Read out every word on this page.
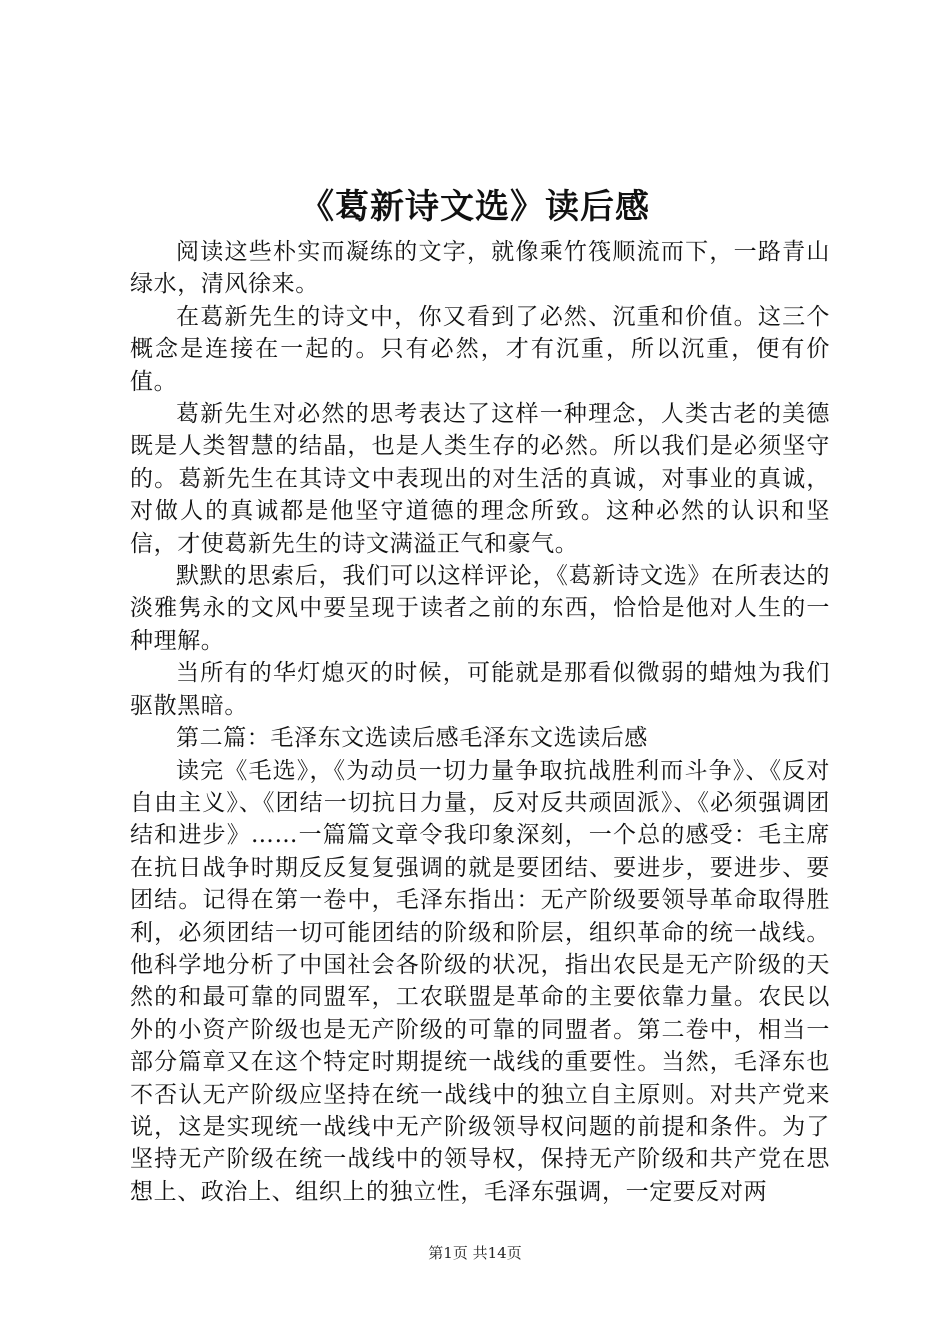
《葛新诗文选》读后感

阅读这些朴实而凝练的文字，就像乘竹筏顺流而下，一路青山绿水，清风徐来。

在葛新先生的诗文中，你又看到了必然、沉重和价值。这三个概念是连接在一起的。只有必然，才有沉重，所以沉重，便有价值。

葛新先生对必然的思考表达了这样一种理念，人类古老的美德既是人类智慧的结晶，也是人类生存的必然。所以我们是必须坚守的。葛新先生在其诗文中表现出的对生活的真诚，对事业的真诚，对做人的真诚都是他坚守道德的理念所致。这种必然的认识和坚信，才使葛新先生的诗文满溢正气和豪气。

默默的思索后，我们可以这样评论，《葛新诗文选》在所表达的淡雅隽永的文风中要呈现于读者之前的东西，恰恰是他对人生的一种理解。

当所有的华灯熄灭的时候，可能就是那看似微弱的蜡烛为我们驱散黑暗。

第二篇：毛泽东文选读后感毛泽东文选读后感

读完《毛选》，《为动员一切力量争取抗战胜利而斗争》、《反对自由主义》、《团结一切抗日力量，反对反共顽固派》、《必须强调团结和进步》……一篇篇文章令我印象深刻，一个总的感受：毛主席在抗日战争时期反反复复强调的就是要团结、要进步，要进步、要团结。记得在第一卷中，毛泽东指出：无产阶级要领导革命取得胜利，必须团结一切可能团结的阶级和阶层，组织革命的统一战线。他科学地分析了中国社会各阶级的状况，指出农民是无产阶级的天然的和最可靠的同盟军，工农联盟是革命的主要依靠力量。农民以外的小资产阶级也是无产阶级的可靠的同盟者。第二卷中，相当一部分篇章又在这个特定时期提统一战线的重要性。当然，毛泽东也不否认无产阶级应坚持在统一战线中的独立自主原则。对共产党来说，这是实现统一战线中无产阶级领导权问题的前提和条件。为了坚持无产阶级在统一战线中的领导权，保持无产阶级和共产党在思想上、政治上、组织上的独立性，毛泽东强调，一定要反对两

第1页 共14页
